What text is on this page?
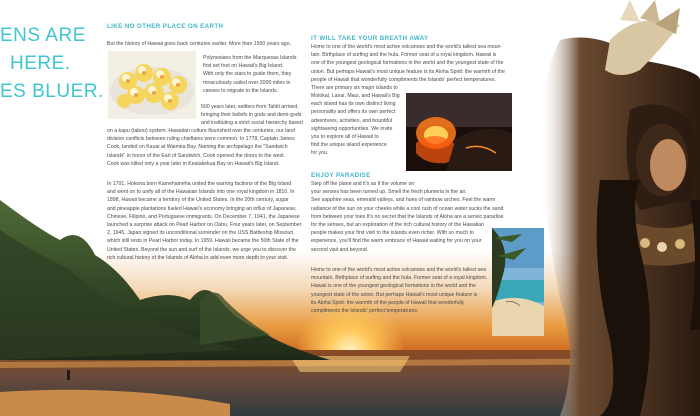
ENS ARE
HERE.
ES BLUER.
LIKE NO OTHER PLACE ON EARTH
But the history of Hawaii goes back centuries earlier. More than 1500 years ago,
Polynesians from the Marquesas Islands
first set foot on Hawaii's Big Island.
With only the stars to guide them, they
miraculously sailed over 2000 miles in
canoes to migrate to the Islands.
500 years later, settlers from Tahiti arrived,
bringing their beliefs in gods and demi-gods
and instituting a strict social hierarchy based
on a kapu (taboo) system. Hawaiian culture flourished over the centuries, our land
division conflicts between ruling chieftains were common. In 1778, Captain James
Cook, landed on Kauai at Waimea Bay. Naming the archipelago the "Sandwich
Islands" in honor of the Earl of Sandwich, Cook opened the doors to the west.
Cook was killed only a year later in Kealakekua Bay on Hawaii's Big Island.
In 1791, Hokona born Kamehameha united the warring factions of the Big Island
and went on to unify all of the Hawaiian Islands into one royal kingdom in 1810. In
1898, Hawaii became a territory of the United States. In the 20th century, sugar
and pineapple plantations fueled Hawaii's economy bringing an influx of Japanese,
Chinese, Filipino, and Portuguese immigrants. On December 7, 1941, the Japanese
launched a surprise attack on Pearl Harbor on Oahu. Four years later, on September
2, 1945, Japan signed its unconditional surrender on the USS Battleship Missouri,
which still rests in Pearl Harbor today. In 1959, Hawaii became the 50th State of the
United States. Beyond the sun and surf of the Islands, we urge you to discover the
rich cultural history of the Islands of Aloha to add even more depth to your visit.
IT WILL TAKE YOUR BREATH AWAY
Home to one of the world's most active volcanoes and the world's tallest sea moun-
tain. Birthplace of surfing and the hula. Former seat of a royal kingdom. Hawaii is
one of the youngest geological formations in the world and the youngest state of the
union. But perhaps Hawaii's most unique feature is its Aloha Spirit: the warmth of the
people of Hawaii that wonderfully compliments the Islands' perfect temperatures.
There are primary six major islands to
Molokai, Lanai, Maui, and Hawaii's Big
each island has its own distinct living
personality and offers its own perfect
adventures, activities, and bountiful
sightseeing opportunities. We invite
you to explore all of Hawaii to
find the unique island experience
for you.
ENJOY PARADISE
Step off the plane and it's as if the volume on
your senses has been turned up. Smell the fresh plumeria in the air.
See sapphire seas, emerald valleys, and hues of rainbow arches. Feel the warm
radiance of the sun on your cheeks while a cool rush of ocean water sucks the sand
from between your toes.It's no secret that the Islands of Aloha are a sensic paradise
for the senses, but an exploration of the rich cultural history of the Hawaiian
people makes your first visit to the islands even richer. With so much to
experience, you'll find the warm embrace of Hawaii waiting for you on your
second visit and beyond.
Home to one of the world's most active volcanoes and the world's tallest sea
mountain. Birthplace of surfing and the hula. Former seat of a royal kingdom.
Hawaii is one of the youngest geological formations in the world and the
youngest state of the union. But perhaps Hawaii's most unique feature is
its Aloha Spirit: the warmth of the people of Hawaii that wonderfully
compliments the Islands' perfect temperatures.
